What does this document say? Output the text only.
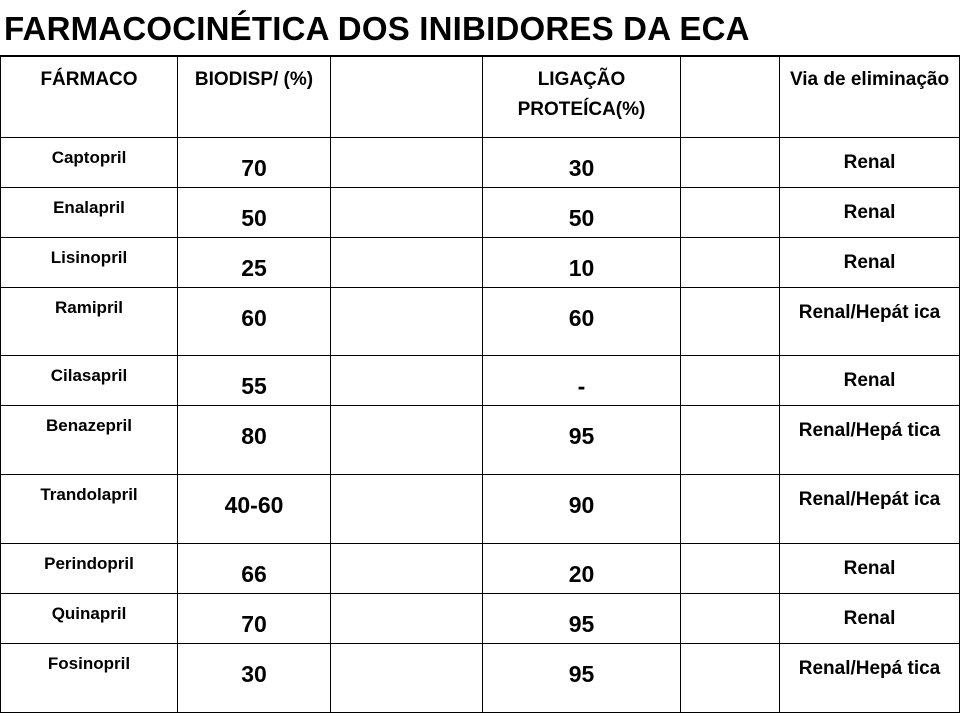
FARMACOCINÉTICA DOS INIBIDORES DA ECA
FÁRMACO	BIODISP/ (%)		LIGAÇÃO PROTEÍCA(%)		Via de eliminação
Captopril	70		30		Renal
Enalapril	50		50		Renal
Lisinopril	25		10		Renal
Ramipril	60		60		Renal/Hepát ica
Cilasapril	55		-		Renal
Benazepril	80		95		Renal/Hepá tica
Trandolapril	40-60		90		Renal/Hepát ica
Perindopril	66		20		Renal
Quinapril	70		95		Renal
Fosinopril	30		95		Renal/Hepá tica
